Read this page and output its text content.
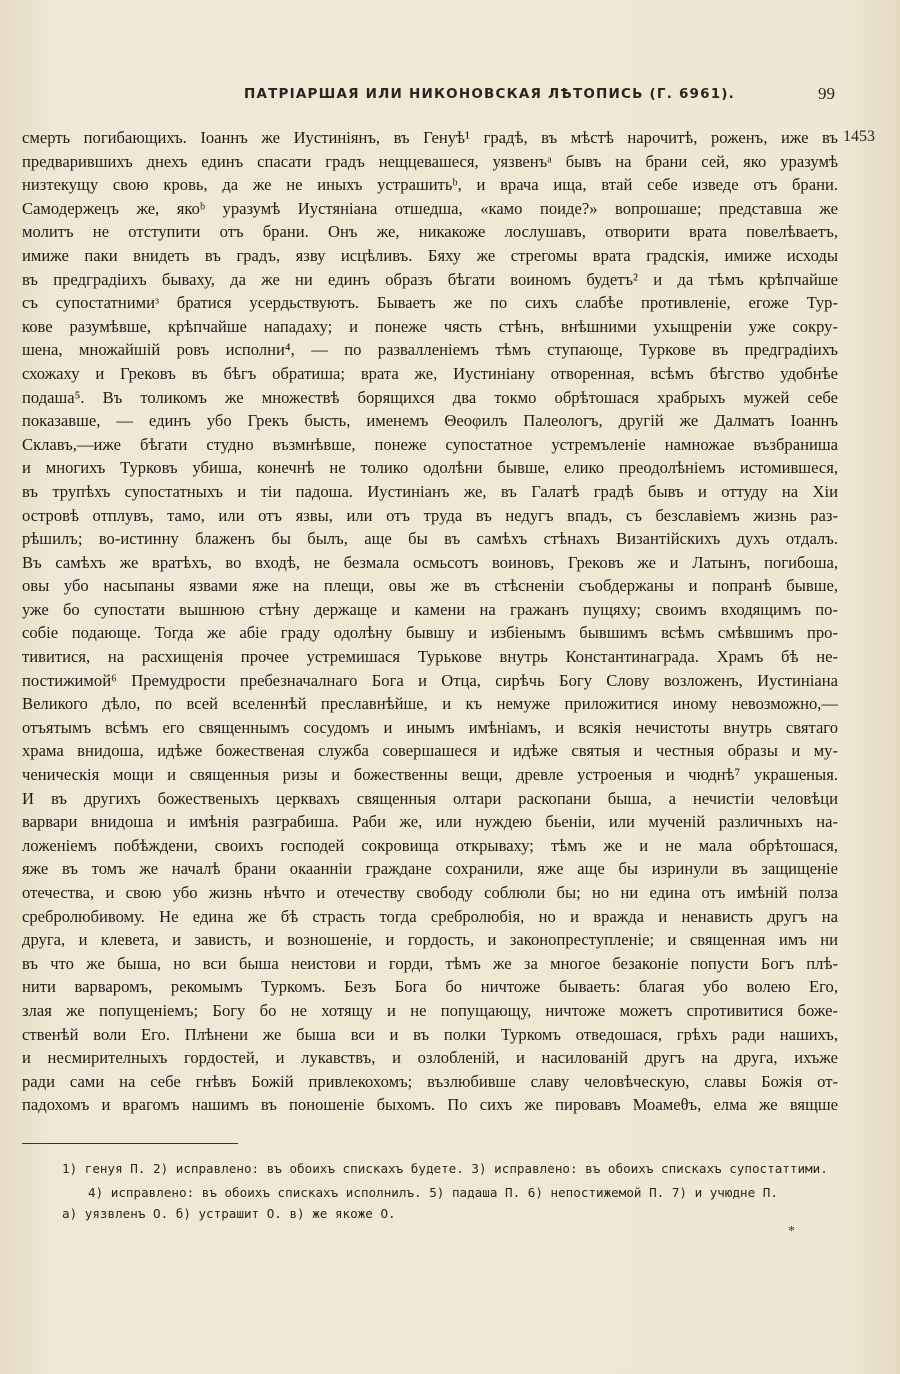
ПАТРІАРШАЯ ИЛИ НИКОНОВСКАЯ ЛѢТОПИСЬ (Г. 6961).	99
1453
смерть погибающихъ. Іоаннъ же Иустиніянъ, въ Генуѣ¹ градѣ, въ мѣстѣ нарочитѣ, роженъ, иже въ
предварившихъ днехъ единъ спасати градъ нещцевашеся, уязвенъᵃ бывъ на брани сей, яко уразумѣ
низтекущу свою кровь, да же не иныхъ устрашитьᵇ, и врача ища, втай себе изведе отъ брани.
Самодержецъ же, якоᵇ уразумѣ Иустяніана отшедша, «камо поиде?» вопрошаше; представша же
молитъ не отступити отъ брани. Онъ же, никакоже лослушавъ, отворити врата повелѣваетъ,
имиже паки внидеть въ градъ, язву исцѣливъ. Бяху же стрегомы врата градскія, имиже исходы
въ предградіихъ бываху, да же ни единъ образъ бѣгати воиномъ будетъ² и да тѣмъ крѣпчайше
съ супостатнимиᵌ братися усердьствуютъ. Бываетъ же по сихъ слабѣе противленіе, егоже Тур-
кове разумѣвше, крѣпчайше нападаху; и понеже чясть стѣнъ, внѣшними ухыщреніи уже сокру-
шена, множайшій ровъ исполни⁴, — по развалленіемъ тѣмъ ступающе, Туркове въ предградіихъ
схожаху и Грековъ въ бѣгъ обратиша; врата же, Иустиніану отворенная, всѣмъ бѣгство удобнѣе
подаша⁵. Въ толикомъ же множествѣ борящихся два токмо обрѣтошася храбрыхъ мужей себе
показавше, — единъ убо Грекъ бысть, именемъ Θеоφилъ Палеологъ, другій же Далматъ Іоаннъ
Склавъ,—иже бѣгати студно възмнѣвше, понеже супостатное устремъленіе намножае възбраниша
и многихъ Турковъ убиша, конечнѣ не толико одолѣни бывше, елико преодолѣніемъ истомившеся,
въ трупѣхъ супостатныхъ и тіи падоша. Иустиніанъ же, въ Галатѣ градѣ бывъ и оттуду на Хіи
островѣ отплувъ, тамо, или отъ язвы, или отъ труда въ недугъ впадъ, съ безславіемъ жизнь раз-
рѣшилъ; во-истинну блаженъ бы былъ, аще бы въ самѣхъ стѣнахъ Византійскихъ духъ отдалъ.
Въ самѣхъ же вратѣхъ, во входѣ, не безмала осмьсотъ воиновъ, Грековъ же и Латынъ, погибоша,
овы убо насыпаны язвами яже на плещи, овы же въ стѣсненіи съобдержаны и попранѣ бывше,
уже бо супостати вышнюю стѣну держаще и камени на гражанъ пущяху; своимъ входящимъ по-
собіе подающе. Тогда же абіе граду одолѣну бывшу и избіенымъ бывшимъ всѣмъ смѣвшимъ про-
тивитися, на расхищенія прочее устремишася Турькове внутрь Константинаграда. Храмъ бѣ не-
постижимой⁶ Премудрости пребезначалнаго Бога и Отца, сирѣчь Богу Слову возложенъ, Иустиніана
Великого дѣло, по всей вселеннѣй преславнѣйше, и къ немуже приложитися иному невозможно,—
отъятымъ всѣмъ его священнымъ сосудомъ и инымъ имѣніамъ, и всякія нечистоты внутрь святаго
храма внидоша, идѣже божественая служба совершашеся и идѣже святыя и честныя образы и му-
ченическія мощи и священныя ризы и божественны вещи, древле устроеныя и чюднѣ⁷ украшеныя.
И въ другихъ божественыхъ церквахъ священныя олтари раскопани быша, а нечистіи человѣци
варвари внидоша и имѣнія разграбиша. Раби же, или нуждею бьеніи, или мученій различныхъ на-
ложеніемъ побѣждени, своихъ господей сокровища открываху; тѣмъ же и не мала обрѣтошася,
яже въ томъ же началѣ брани окаанніи граждане сохранили, яже аще бы изринули въ защищеніе
отечества, и свою убо жизнь нѣчто и отечеству свободу соблюли бы; но ни едина отъ имѣній полза
сребролюбивому. Не едина же бѣ страсть тогда сребролюбія, но и вражда и ненависть другъ на
друга, и клевета, и зависть, и возношеніе, и гордость, и законопреступленіе; и священная имъ ни
въ что же быша, но вси быша неистови и горди, тѣмъ же за многое безаконіе попусти Богъ плѣ-
нити варваромъ, рекомымъ Туркомъ. Безъ Бога бо ничтоже бываеть: благая убо волею Его,
злая же попущеніемъ; Богу бо не хотящу и не попущающу, ничтоже можетъ спротивитися боже-
ственѣй воли Его. Плѣнени же быша вси и въ полки Туркомъ отведошася, грѣхъ ради нашихъ,
и несмирителныхъ гордостей, и лукавствъ, и озлобленій, и насилованій другъ на друга, ихъже
ради сами на себе гнѣвъ Божій привлекохомъ; възлюбивше славу человѣческую, славы Божія от-
падохомъ и врагомъ нашимъ въ поношеніе быхомъ. По сихъ же пировавъ Моамеθъ, елма же вящше
1) генуя П. 2) исправлено: въ обоихъ спискахъ будете. 3) исправлено: въ обоихъ спискахъ супостаттими.
4) исправлено: въ обоихъ спискахъ исполнилъ. 5) падаша П. 6) непостижемой П. 7) и учюдне П.
а) уязвленъ О. б) устрашит О. в) же якоже О.
*
